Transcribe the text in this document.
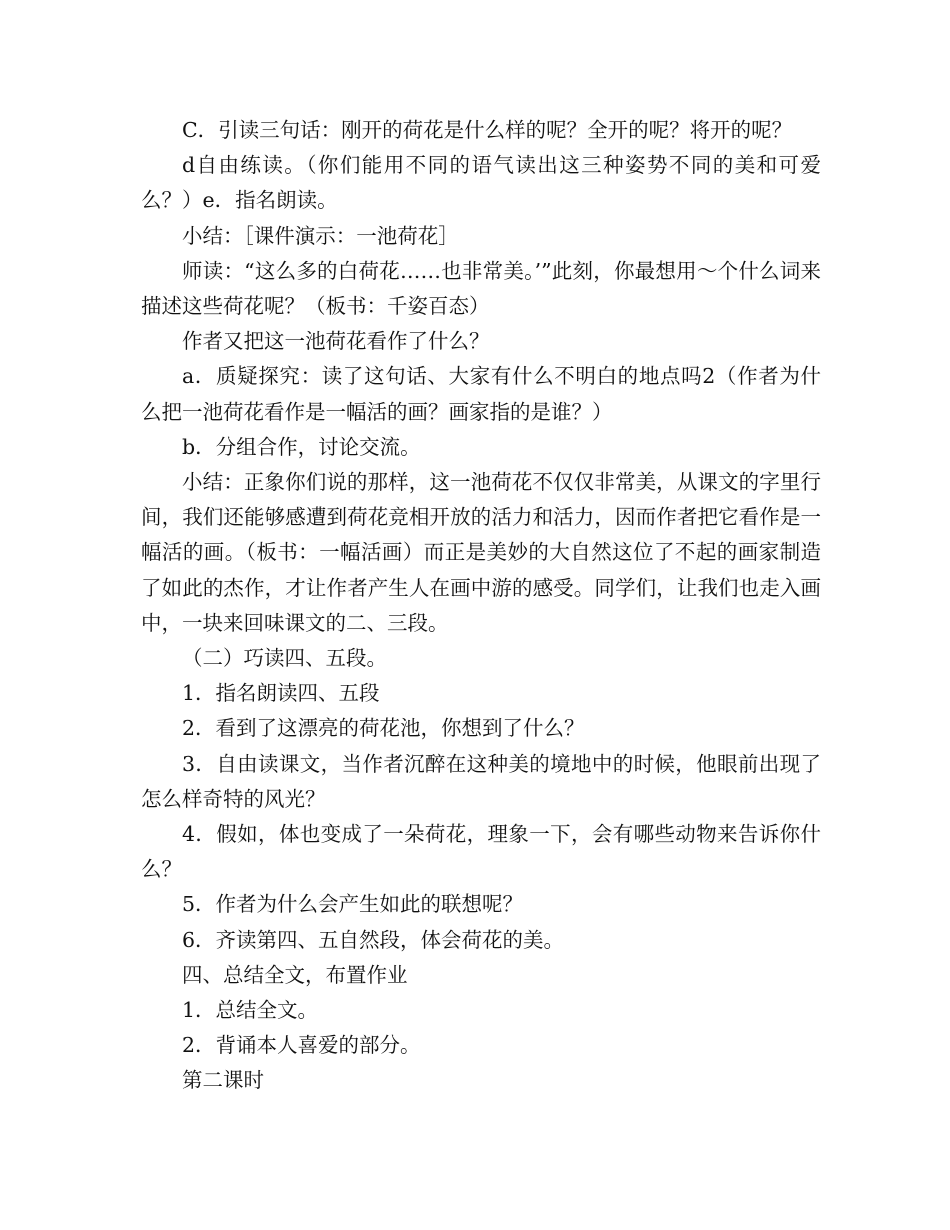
C．引读三句话：刚开的荷花是什么样的呢？全开的呢？将开的呢？

d自由练读。（你们能用不同的语气读出这三种姿势不同的美和可爱么？）e．指名朗读。

小结：［课件演示：一池荷花］

师读：“这么多的白荷花……也非常美。’”此刻，你最想用～个什么词来描述这些荷花呢？（板书：千姿百态）

作者又把这一池荷花看作了什么？

a．质疑探究：读了这句话、大家有什么不明白的地点吗2（作者为什么把一池荷花看作是一幅活的画？画家指的是谁？）

b．分组合作，讨论交流。

小结：正象你们说的那样，这一池荷花不仅仅非常美，从课文的字里行间，我们还能够感遭到荷花竞相开放的活力和活力，因而作者把它看作是一幅活的画。（板书：一幅活画）而正是美妙的大自然这位了不起的画家制造了如此的杰作，才让作者产生人在画中游的感受。同学们，让我们也走入画中，一块来回味课文的二、三段。

（二）巧读四、五段。

1．指名朗读四、五段

2．看到了这漂亮的荷花池，你想到了什么？

3．自由读课文，当作者沉醉在这种美的境地中的时候，他眼前出现了怎么样奇特的风光？

4．假如，体也变成了一朵荷花，理象一下，会有哪些动物来告诉你什么？

5．作者为什么会产生如此的联想呢？

6．齐读第四、五自然段，体会荷花的美。

四、总结全文，布置作业

1．总结全文。

2．背诵本人喜爱的部分。

第二课时
